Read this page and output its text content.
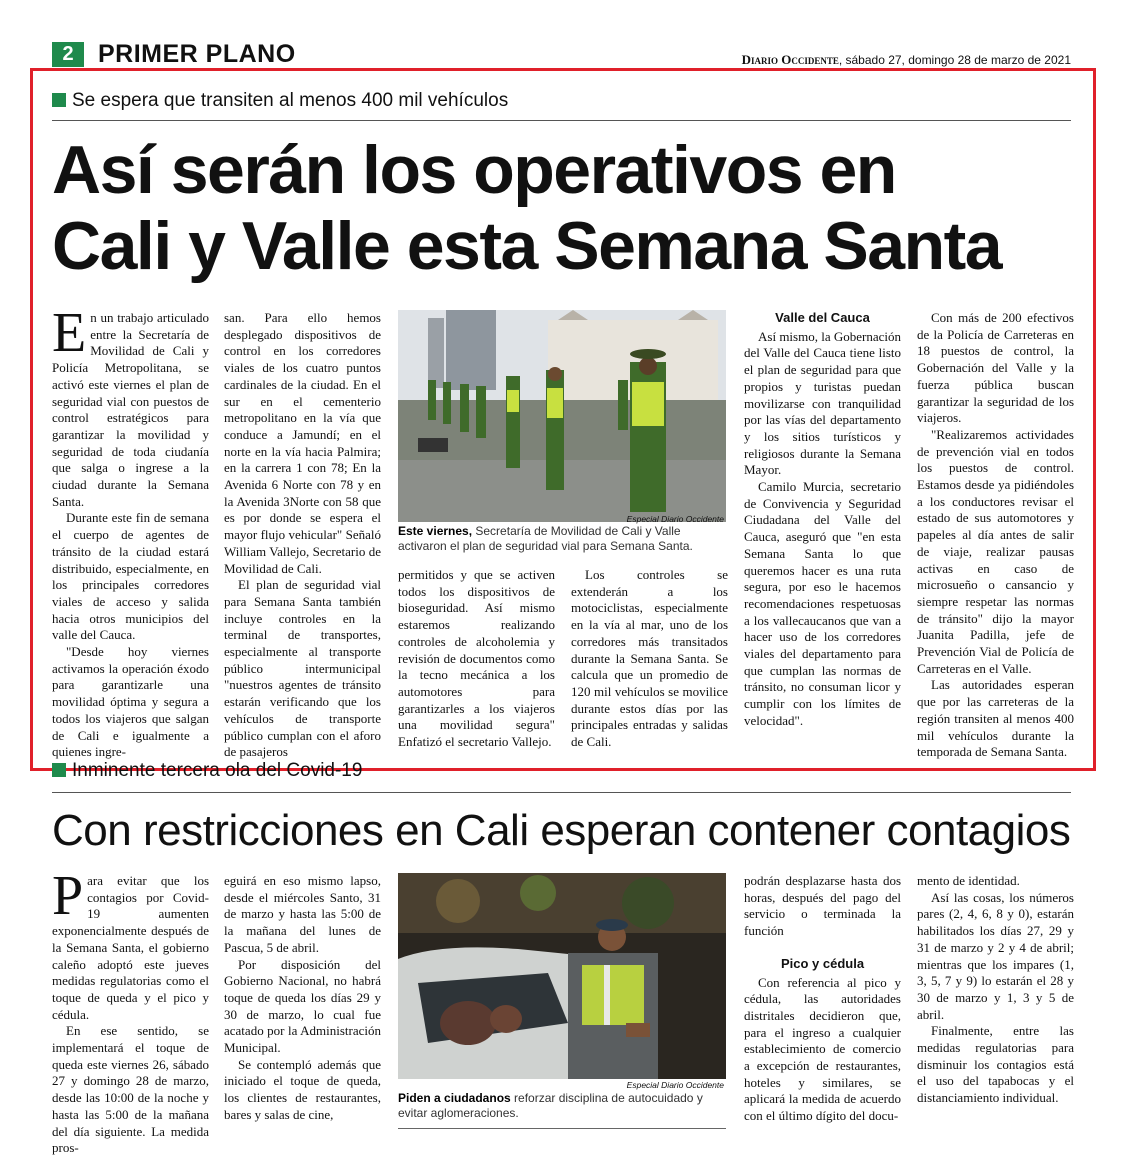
2 PRIMER PLANO	Diario Occidente, sábado 27, domingo 28 de marzo de 2021
Se espera que transiten al menos 400 mil vehículos
Así serán los operativos en
Cali y Valle esta Semana Santa

En un trabajo articulado entre la Secretaría de Movilidad de Cali y Policía Metropolitana, se activó este viernes el plan de seguridad vial con puestos de control estratégicos para garantizar la movilidad y seguridad de toda ciudanía que salga o ingrese a la ciudad durante la Semana Santa.

Durante este fin de semana el cuerpo de agentes de tránsito de la ciudad estará distribuido, especialmente, en los principales corredores viales de acceso y salida hacia otros municipios del valle del Cauca.

"Desde hoy viernes activamos la operación éxodo para garantizarle una movilidad óptima y segura a todos los viajeros que salgan de Cali e igualmente a quienes ingre-

san. Para ello hemos desplegado dispositivos de control en los corredores viales de los cuatro puntos cardinales de la ciudad. En el sur en el cementerio metropolitano en la vía que conduce a Jamundí; en el norte en la vía hacia Palmira; en la carrera 1 con 78; En la Avenida 6 Norte con 78 y en la Avenida 3Norte con 58 que es por donde se espera el mayor flujo vehicular" Señaló William Vallejo, Secretario de Movilidad de Cali.

El plan de seguridad vial para Semana Santa también incluye controles en la terminal de transportes, especialmente al transporte público intermunicipal "nuestros agentes de tránsito estarán verificando que los vehículos de transporte público cumplan con el aforo de pasajeros

Especial Diario Occidente
Este viernes, Secretaría de Movilidad de Cali y Valle activaron el plan de seguridad vial para Semana Santa.

permitidos y que se activen todos los dispositivos de bioseguridad. Así mismo estaremos realizando controles de alcoholemia y revisión de documentos como la tecno mecánica a los automotores para garantizarles a los viajeros una movilidad segura" Enfatizó el secretario Vallejo.

Los controles se extenderán a los motociclistas, especialmente en la vía al mar, uno de los corredores más transitados durante la Semana Santa. Se calcula que un promedio de 120 mil vehículos se movilice durante estos días por las principales entradas y salidas de Cali.

Valle del Cauca

Así mismo, la Gobernación del Valle del Cauca tiene listo el plan de seguridad para que propios y turistas puedan movilizarse con tranquilidad por las vías del departamento y los sitios turísticos y religiosos durante la Semana Mayor.

Camilo Murcia, secretario de Convivencia y Seguridad Ciudadana del Valle del Cauca, aseguró que "en esta Semana Santa lo que queremos hacer es una ruta segura, por eso le hacemos recomendaciones respetuosas a los vallecaucanos que van a hacer uso de los corredores viales del departamento para que cumplan las normas de tránsito, no consuman licor y cumplir con los límites de velocidad".

Con más de 200 efectivos de la Policía de Carreteras en 18 puestos de control, la Gobernación del Valle y la fuerza pública buscan garantizar la seguridad de los viajeros.

"Realizaremos actividades de prevención vial en todos los puestos de control. Estamos desde ya pidiéndoles a los conductores revisar el estado de sus automotores y papeles al día antes de salir de viaje, realizar pausas activas en caso de microsueño o cansancio y siempre respetar las normas de tránsito" dijo la mayor Juanita Padilla, jefe de Prevención Vial de Policía de Carreteras en el Valle.

Las autoridades esperan que por las carreteras de la región transiten al menos 400 mil vehículos durante la temporada de Semana Santa.

Inminente tercera ola del Covid-19
Con restricciones en Cali esperan contener contagios

Para evitar que los contagios por Covid-19 aumenten exponencialmente después de la Semana Santa, el gobierno caleño adoptó este jueves medidas regulatorias como el toque de queda y el pico y cédula.

En ese sentido, se implementará el toque de queda este viernes 26, sábado 27 y domingo 28 de marzo, desde las 10:00 de la noche y hasta las 5:00 de la mañana del día siguiente. La medida pros-

eguirá en eso mismo lapso, desde el miércoles Santo, 31 de marzo y hasta las 5:00 de la mañana del lunes de Pascua, 5 de abril.

Por disposición del Gobierno Nacional, no habrá toque de queda los días 29 y 30 de marzo, lo cual fue acatado por la Administración Municipal.

Se contempló además que iniciado el toque de queda, los clientes de restaurantes, bares y salas de cine,

Especial Diario Occidente
Piden a ciudadanos reforzar disciplina de autocuidado y evitar aglomeraciones.

podrán desplazarse hasta dos horas, después del pago del servicio o terminada la función

Pico y cédula

Con referencia al pico y cédula, las autoridades distritales decidieron que, para el ingreso a cualquier establecimiento de comercio a excepción de restaurantes, hoteles y similares, se aplicará la medida de acuerdo con el último dígito del docu-

mento de identidad.

Así las cosas, los números pares (2, 4, 6, 8 y 0), estarán habilitados los días 27, 29 y 31 de marzo y 2 y 4 de abril; mientras que los impares (1, 3, 5, 7 y 9) lo estarán el 28 y 30 de marzo y 1, 3 y 5 de abril.

Finalmente, entre las medidas regulatorias para disminuir los contagios está el uso del tapabocas y el distanciamiento individual.
